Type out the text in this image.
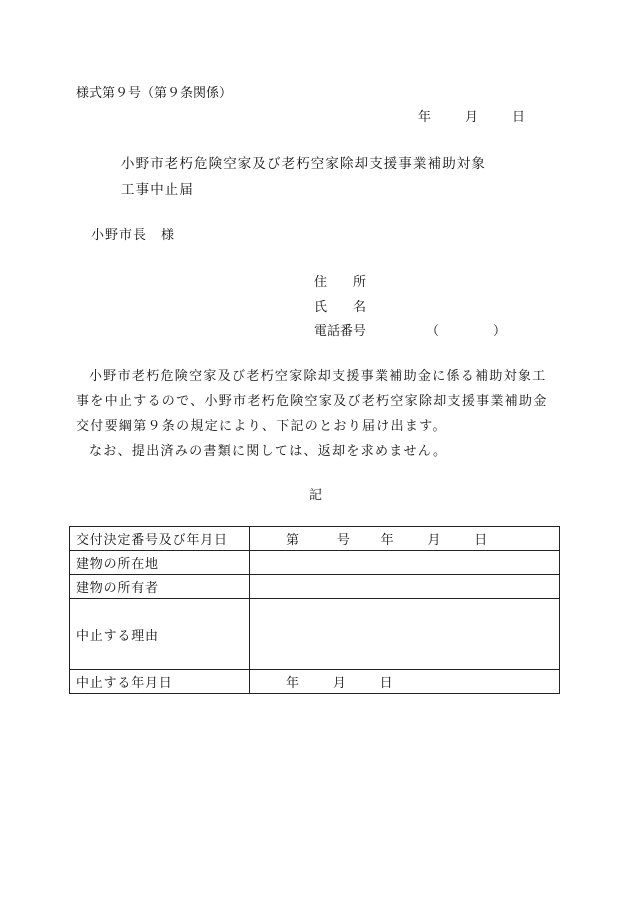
様式第９号（第９条関係）
年	月	日
小野市老朽危険空家及び老朽空家除却支援事業補助対象
工事中止届
小野市長　様
住　　所
氏　　名
電話番号	（	）

小野市老朽危険空家及び老朽空家除却支援事業補助金に係る補助対象工事を中止するので、小野市老朽危険空家及び老朽空家除却支援事業補助金交付要綱第９条の規定により、下記のとおり届け出ます。

なお、提出済みの書類に関しては、返却を求めません。

記
交付決定番号及び年月日	第 号 年 月 日
建物の所在地	
建物の所有者	
中止する理由	
中止する年月日	年 月 日
